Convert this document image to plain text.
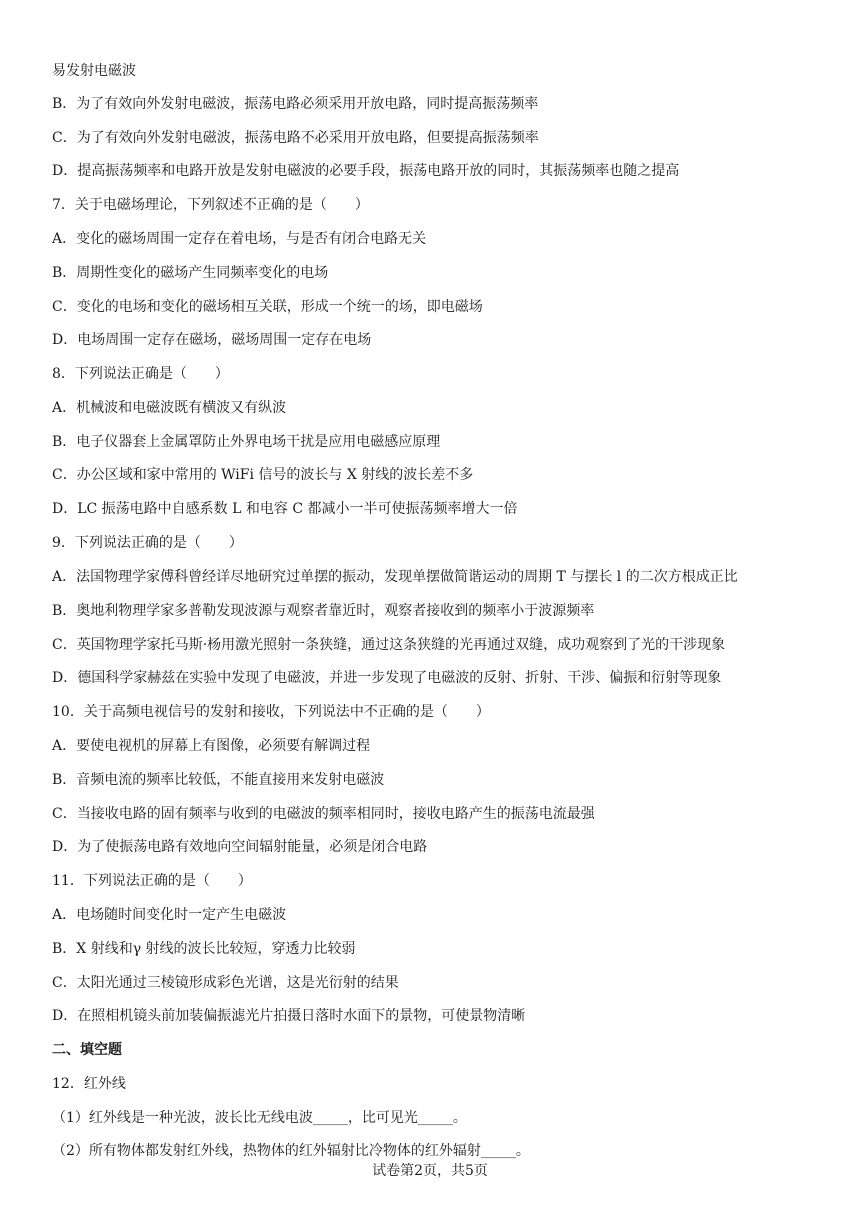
易发射电磁波
B．为了有效向外发射电磁波，振荡电路必须采用开放电路，同时提高振荡频率
C．为了有效向外发射电磁波，振荡电路不必采用开放电路，但要提高振荡频率
D．提高振荡频率和电路开放是发射电磁波的必要手段，振荡电路开放的同时，其振荡频率也随之提高
7．关于电磁场理论，下列叙述不正确的是（　　）
A．变化的磁场周围一定存在着电场，与是否有闭合电路无关
B．周期性变化的磁场产生同频率变化的电场
C．变化的电场和变化的磁场相互关联，形成一个统一的场，即电磁场
D．电场周围一定存在磁场，磁场周围一定存在电场
8．下列说法正确是（　　）
A．机械波和电磁波既有横波又有纵波
B．电子仪器套上金属罩防止外界电场干扰是应用电磁感应原理
C．办公区域和家中常用的 WiFi 信号的波长与 X 射线的波长差不多
D．LC 振荡电路中自感系数 L 和电容 C 都减小一半可使振荡频率增大一倍
9．下列说法正确的是（　　）
A．法国物理学家傅科曾经详尽地研究过单摆的振动，发现单摆做简谐运动的周期 T 与摆长 l 的二次方根成正比
B．奥地利物理学家多普勒发现波源与观察者靠近时，观察者接收到的频率小于波源频率
C．英国物理学家托马斯·杨用激光照射一条狭缝，通过这条狭缝的光再通过双缝，成功观察到了光的干涉现象
D．德国科学家赫兹在实验中发现了电磁波，并进一步发现了电磁波的反射、折射、干涉、偏振和衍射等现象
10．关于高频电视信号的发射和接收，下列说法中不正确的是（　　）
A．要使电视机的屏幕上有图像，必须要有解调过程
B．音频电流的频率比较低，不能直接用来发射电磁波
C．当接收电路的固有频率与收到的电磁波的频率相同时，接收电路产生的振荡电流最强
D．为了使振荡电路有效地向空间辐射能量，必须是闭合电路
11．下列说法正确的是（　　）
A．电场随时间变化时一定产生电磁波
B．X 射线和γ 射线的波长比较短，穿透力比较弱
C．太阳光通过三棱镜形成彩色光谱，这是光衍射的结果
D．在照相机镜头前加装偏振滤光片拍摄日落时水面下的景物，可使景物清晰
二、填空题
12．红外线
（1）红外线是一种光波，波长比无线电波_____，比可见光_____。
（2）所有物体都发射红外线，热物体的红外辐射比冷物体的红外辐射_____。
试卷第2页，共5页
